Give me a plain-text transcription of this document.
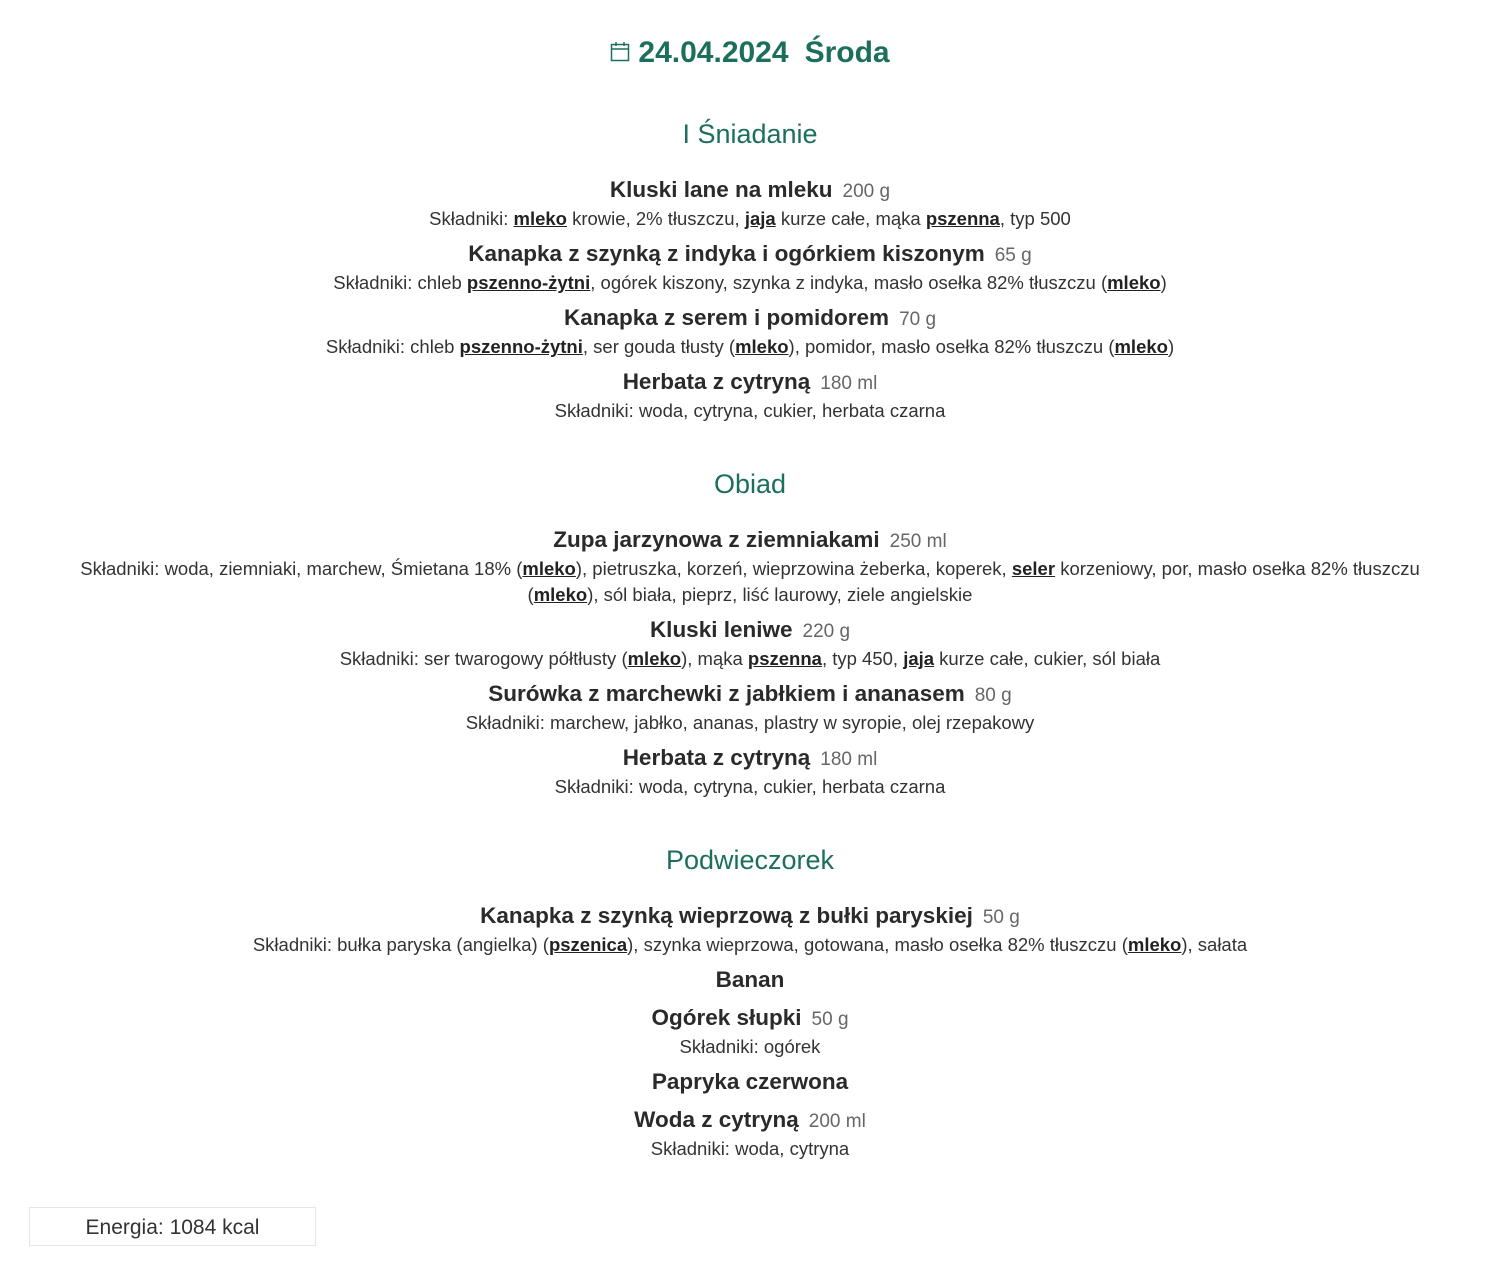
24.04.2024 Środa
I Śniadanie
Kluski lane na mleku 200 g
Składniki: mleko krowie, 2% tłuszczu, jaja kurze całe, mąka pszenna, typ 500
Kanapka z szynką z indyka i ogórkiem kiszonym 65 g
Składniki: chleb pszenno-żytni, ogórek kiszony, szynka z indyka, masło osełka 82% tłuszczu (mleko)
Kanapka z serem i pomidorem 70 g
Składniki: chleb pszenno-żytni, ser gouda tłusty (mleko), pomidor, masło osełka 82% tłuszczu (mleko)
Herbata z cytryną 180 ml
Składniki: woda, cytryna, cukier, herbata czarna
Obiad
Zupa jarzynowa z ziemniakami 250 ml
Składniki: woda, ziemniaki, marchew, Śmietana 18% (mleko), pietruszka, korzeń, wieprzowina żeberka, koperek, seler korzeniowy, por, masło osełka 82% tłuszczu (mleko), sól biała, pieprz, liść laurowy, ziele angielskie
Kluski leniwe 220 g
Składniki: ser twarogowy półtłusty (mleko), mąka pszenna, typ 450, jaja kurze całe, cukier, sól biała
Surówka z marchewki z jabłkiem i ananasem 80 g
Składniki: marchew, jabłko, ananas, plastry w syropie, olej rzepakowy
Herbata z cytryną 180 ml
Składniki: woda, cytryna, cukier, herbata czarna
Podwieczorek
Kanapka z szynką wieprzową z bułki paryskiej 50 g
Składniki: bułka paryska (angielka) (pszenica), szynka wieprzowa, gotowana, masło osełka 82% tłuszczu (mleko), sałata
Banan
Ogórek słupki 50 g
Składniki: ogórek
Papryka czerwona
Woda z cytryną 200 ml
Składniki: woda, cytryna
Energia: 1084 kcal
